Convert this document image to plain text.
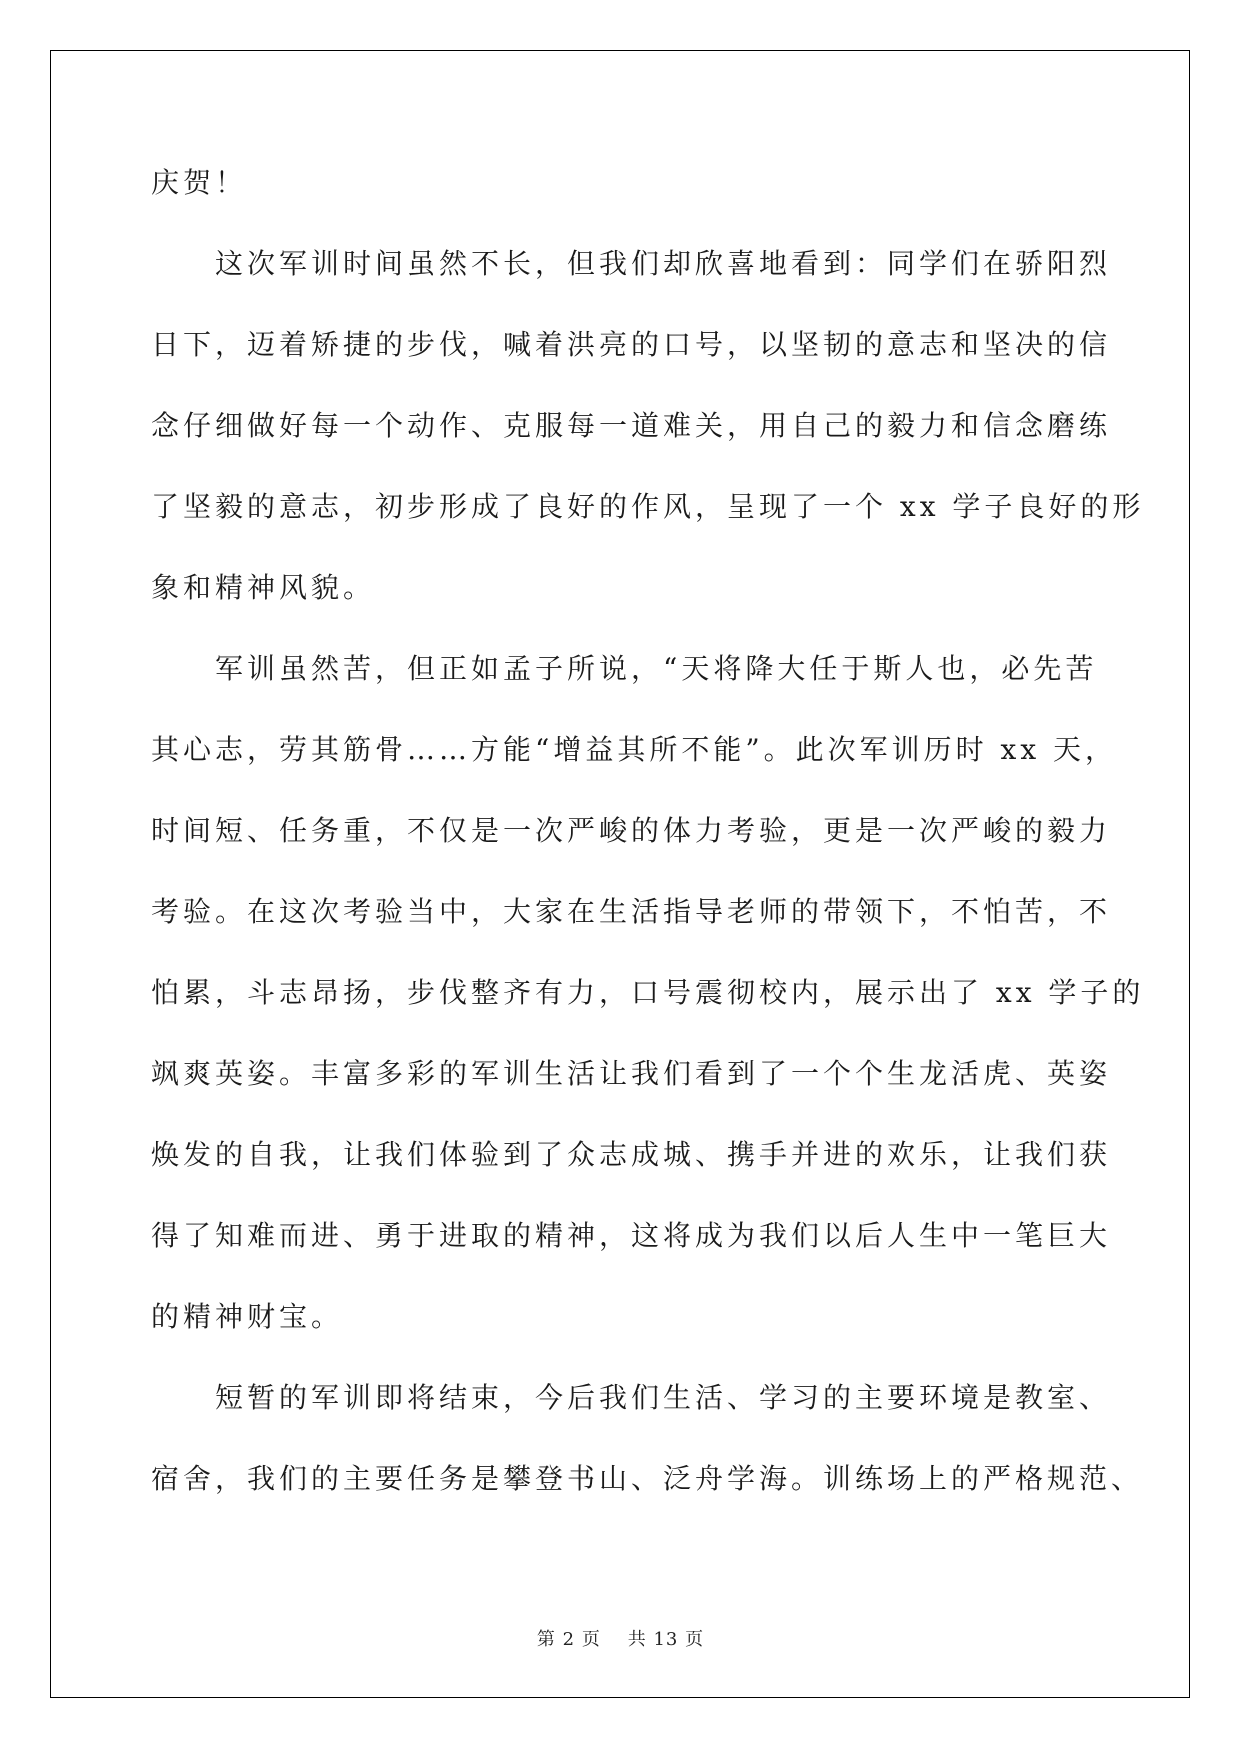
庆贺！
这次军训时间虽然不长，但我们却欣喜地看到：同学们在骄阳烈
日下，迈着矫捷的步伐，喊着洪亮的口号，以坚韧的意志和坚决的信
念仔细做好每一个动作、克服每一道难关，用自己的毅力和信念磨练
了坚毅的意志，初步形成了良好的作风，呈现了一个 xx 学子良好的形
象和精神风貌。
军训虽然苦，但正如孟子所说，“天将降大任于斯人也，必先苦
其心志，劳其筋骨……方能“增益其所不能”。此次军训历时 xx 天，
时间短、任务重，不仅是一次严峻的体力考验，更是一次严峻的毅力
考验。在这次考验当中，大家在生活指导老师的带领下，不怕苦，不
怕累，斗志昂扬，步伐整齐有力，口号震彻校内，展示出了 xx 学子的
飒爽英姿。丰富多彩的军训生活让我们看到了一个个生龙活虎、英姿
焕发的自我，让我们体验到了众志成城、携手并进的欢乐，让我们获
得了知难而进、勇于进取的精神，这将成为我们以后人生中一笔巨大
的精神财宝。
短暂的军训即将结束，今后我们生活、学习的主要环境是教室、
宿舍，我们的主要任务是攀登书山、泛舟学海。训练场上的严格规范、
第 2 页 共 13 页
